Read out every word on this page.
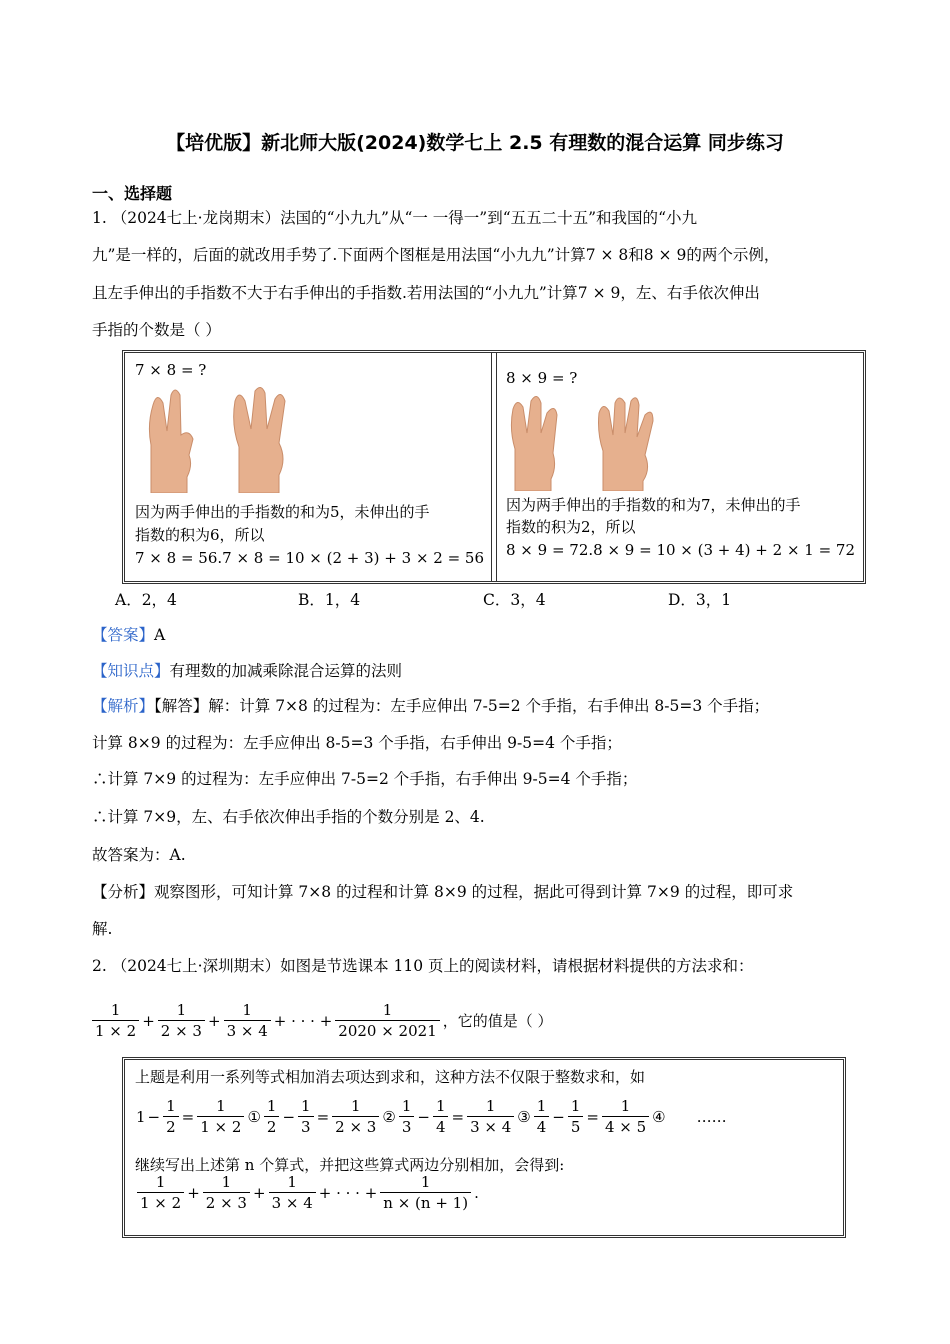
【培优版】新北师大版(2024)数学七上 2.5 有理数的混合运算 同步练习
一、选择题
1. （2024七上·龙岗期末）法国的“小九九”从“一 一得一”到“五五二十五”和我国的“小九
九”是一样的，后面的就改用手势了.下面两个图框是用法国“小九九”计算7 × 8和8 × 9的两个示例，
且左手伸出的手指数不大于右手伸出的手指数.若用法国的“小九九”计算7 × 9，左、右手依次伸出
手指的个数是（ ）
7 × 8 = ?
因为两手伸出的手指数的和为5，未伸出的手
指数的积为6，所以
7 × 8 = 56.7 × 8 = 10 × (2 + 3) + 3 × 2 = 56
8 × 9 = ?
因为两手伸出的手指数的和为7，未伸出的手
指数的积为2，所以
8 × 9 = 72.8 × 9 = 10 × (3 + 4) + 2 × 1 = 72
A．2，4	B．1，4	C．3，4	D．3，1
【答案】A
【知识点】有理数的加减乘除混合运算的法则
【解析】【解答】解：计算 7×8 的过程为：左手应伸出 7-5=2 个手指，右手伸出 8-5=3 个手指；
计算 8×9 的过程为：左手应伸出 8-5=3 个手指，右手伸出 9-5=4 个手指；
∴计算 7×9 的过程为：左手应伸出 7-5=2 个手指，右手伸出 9-5=4 个手指；
∴计算 7×9，左、右手依次伸出手指的个数分别是 2、4.
故答案为：A.
【分析】观察图形，可知计算 7×8 的过程和计算 8×9 的过程，据此可得到计算 7×9 的过程，即可求
解.
2. （2024七上·深圳期末）如图是节选课本 110 页上的阅读材料，请根据材料提供的方法求和：
$\frac{1}{1 \times 2} + \frac{1}{2 \times 3} + \frac{1}{3 \times 4}$ + · · · + $\frac{1}{2020 \times 2021}$ ，它的值是（ ）
上题是利用一系列等式相加消去项达到求和，这种方法不仅限于整数求和，如
$1 - \frac{1}{2} = \frac{1}{1 \times 2}$ ① $\frac{1}{2} - \frac{1}{3} = \frac{1}{2 \times 3}$ ② $\frac{1}{3} - \frac{1}{4} = \frac{1}{3 \times 4}$ ③ $\frac{1}{4} - \frac{1}{5} = \frac{1}{4 \times 5}$ ④ ……
继续写出上述第 n 个算式，并把这些算式两边分别相加，会得到:
$\frac{1}{1 \times 2} + \frac{1}{2 \times 3} + \frac{1}{3 \times 4}$ + · · · + $\frac{1}{n \times (n + 1)}$ .
